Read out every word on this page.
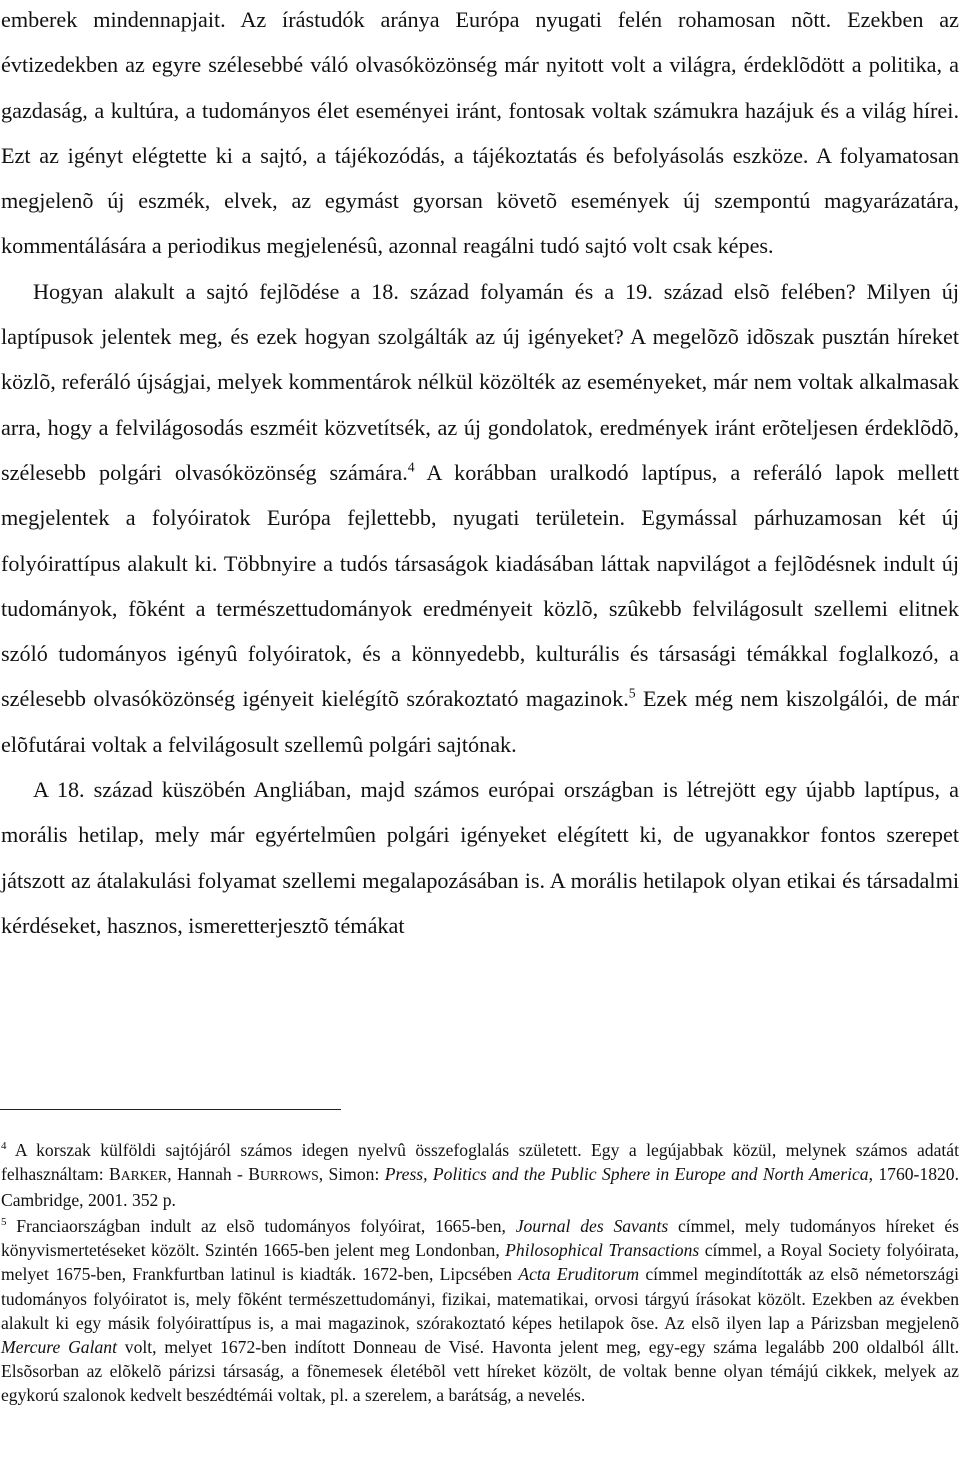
emberek mindennapjait. Az írástudók aránya Európa nyugati felén rohamosan nõtt. Ezekben az évtizedekben az egyre szélesebbé váló olvasóközönség már nyitott volt a világra, érdeklõdött a politika, a gazdaság, a kultúra, a tudományos élet eseményei iránt, fontosak voltak számukra hazájuk és a világ hírei. Ezt az igényt elégtette ki a sajtó, a tájékozódás, a tájékoztatás és befolyásolás eszköze. A folyamatosan megjelenõ új eszmék, elvek, az egymást gyorsan követõ események új szempontú magyarázatára, kommentálására a periodikus megjelenésû, azonnal reagálni tudó sajtó volt csak képes.

Hogyan alakult a sajtó fejlõdése a 18. század folyamán és a 19. század elsõ felében? Milyen új laptípusok jelentek meg, és ezek hogyan szolgálták az új igényeket? A megelõzõ idõszak pusztán híreket közlõ, referáló újságjai, melyek kommentárok nélkül közölték az eseményeket, már nem voltak alkalmasak arra, hogy a felvilágosodás eszméit közvetítsék, az új gondolatok, eredmények iránt erõteljesen érdeklõdõ, szélesebb polgári olvasóközönség számára.$^4$ A korábban uralkodó laptípus, a referáló lapok mellett megjelentek a folyóiratok Európa fejlettebb, nyugati területein. Egymással párhuzamosan két új folyóirattípus alakult ki. Többnyire a tudós társaságok kiadásában láttak napvilágot a fejlõdésnek indult új tudományok, fõként a természettudományok eredményeit közlõ, szûkebb felvilágosult szellemi elitnek szóló tudományos igényû folyóiratok, és a könnyedebb, kulturális és társasági témákkal foglalkozó, a szélesebb olvasóközönség igényeit kielégítõ szórakoztató magazinok.$^5$ Ezek még nem kiszolgálói, de már elõfutárai voltak a felvilágosult szellemû polgári sajtónak.

A 18. század küszöbén Angliában, majd számos európai országban is létrejött egy újabb laptípus, a morális hetilap, mely már egyértelmûen polgári igényeket elégített ki, de ugyanakkor fontos szerepet játszott az átalakulási folyamat szellemi megalapozásában is. A morális hetilapok olyan etikai és társadalmi kérdéseket, hasznos, ismeretterjesztõ témákat

$^4$ A korszak külföldi sajtójáról számos idegen nyelvû összefoglalás született. Egy a legújabbak közül, melynek számos adatát felhasználtam: BARKER, Hannah - BURROWS, Simon: Press, Politics and the Public Sphere in Europe and North America, 1760-1820. Cambridge, 2001. 352 p.

$^5$ Franciaországban indult az elsõ tudományos folyóirat, 1665-ben, Journal des Savants címmel, mely tudományos híreket és könyvismertetéseket közölt. Szintén 1665-ben jelent meg Londonban, Philosophical Transactions címmel, a Royal Society folyóirata, melyet 1675-ben, Frankfurtban latinul is kiadták. 1672-ben, Lipcsében Acta Eruditorum címmel megindították az elsõ németországi tudományos folyóiratot is, mely fõként természettudományi, fizikai, matematikai, orvosi tárgyú írásokat közölt. Ezekben az években alakult ki egy másik folyóirattípus is, a mai magazinok, szórakoztató képes hetilapok õse. Az elsõ ilyen lap a Párizsban megjelenõ Mercure Galant volt, melyet 1672-ben indított Donneau de Visé. Havonta jelent meg, egy-egy száma legalább 200 oldalból állt. Elsõsorban az elõkelõ párizsi társaság, a fõnemesek életébõl vett híreket közölt, de voltak benne olyan témájú cikkek, melyek az egykorú szalonok kedvelt beszédtémái voltak, pl. a szerelem, a barátság, a nevelés.
